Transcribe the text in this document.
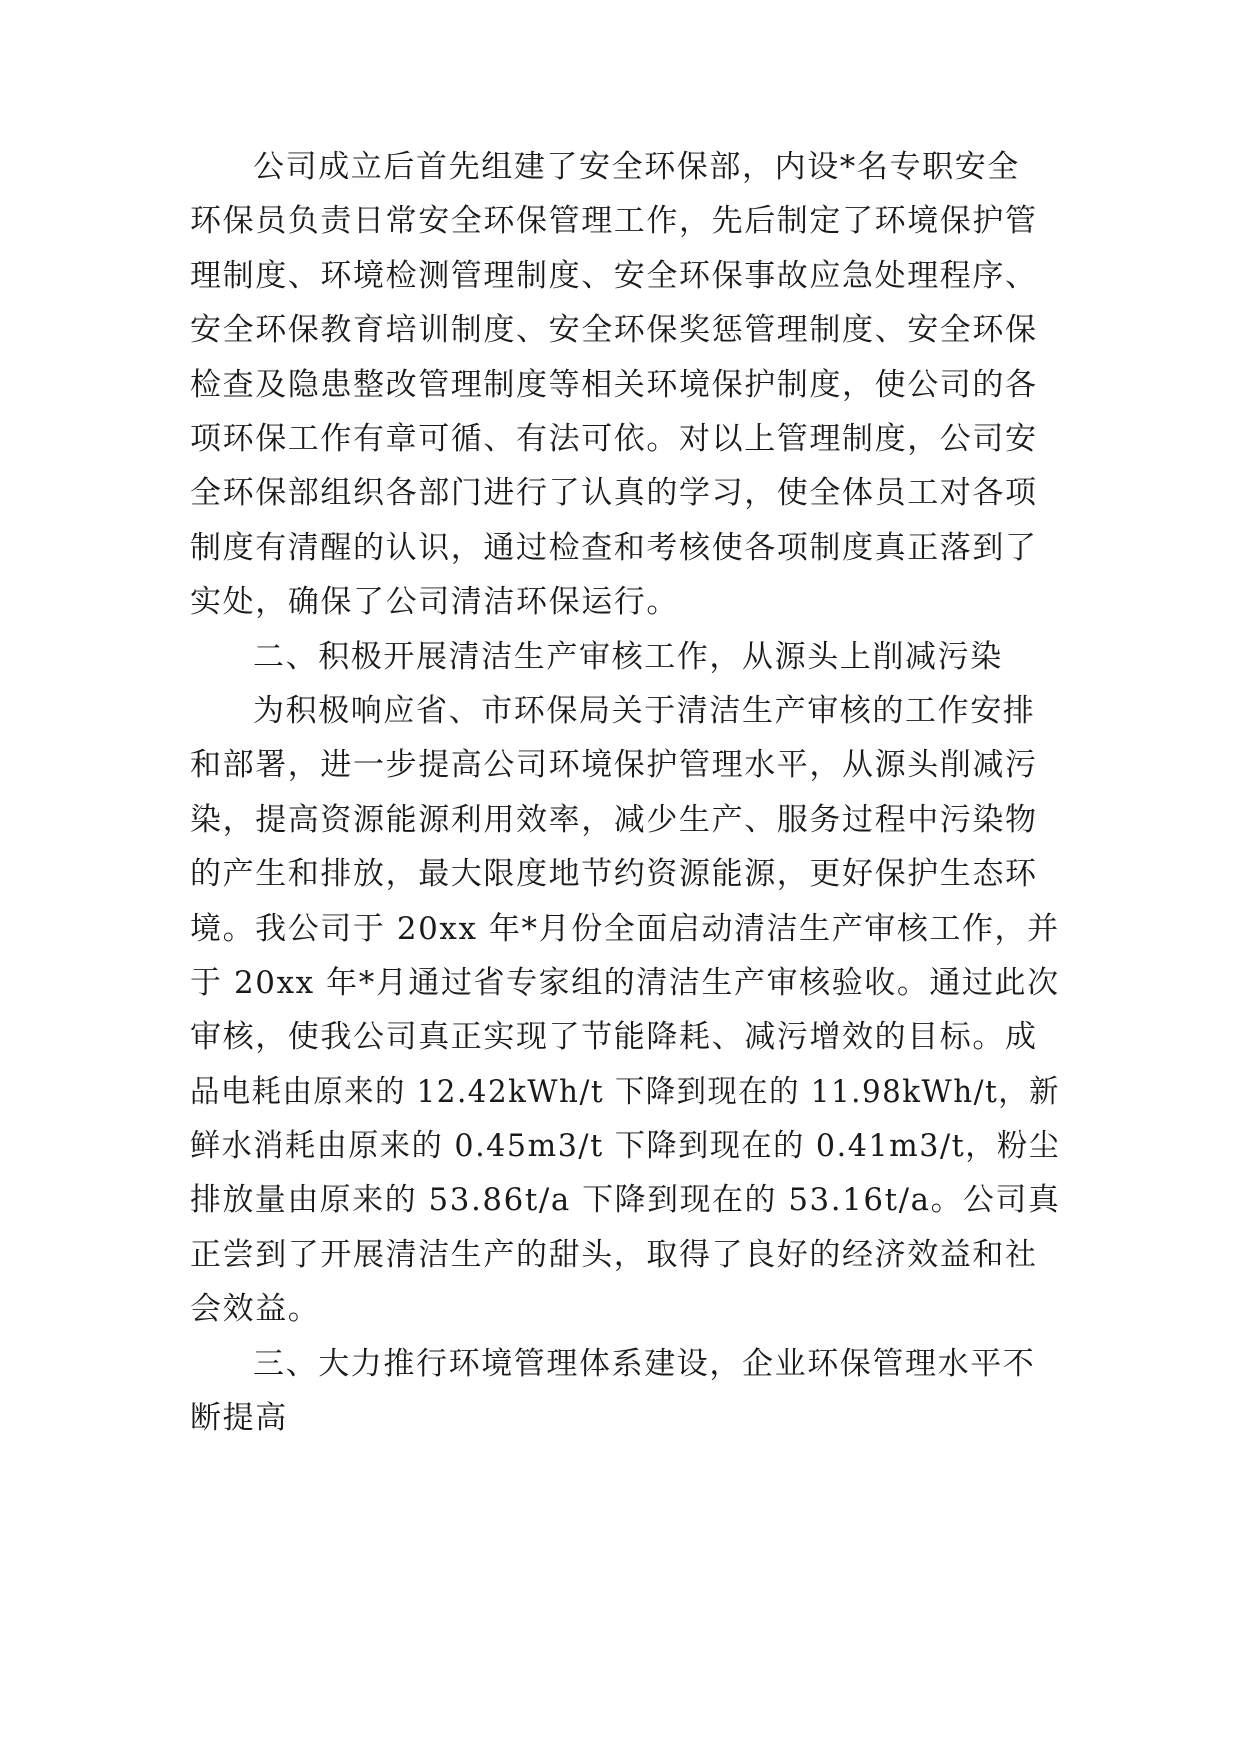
公司成立后首先组建了安全环保部，内设*名专职安全
环保员负责日常安全环保管理工作，先后制定了环境保护管
理制度、环境检测管理制度、安全环保事故应急处理程序、
安全环保教育培训制度、安全环保奖惩管理制度、安全环保
检查及隐患整改管理制度等相关环境保护制度，使公司的各
项环保工作有章可循、有法可依。对以上管理制度，公司安
全环保部组织各部门进行了认真的学习，使全体员工对各项
制度有清醒的认识，通过检查和考核使各项制度真正落到了
实处，确保了公司清洁环保运行。
二、积极开展清洁生产审核工作，从源头上削减污染
为积极响应省、市环保局关于清洁生产审核的工作安排
和部署，进一步提高公司环境保护管理水平，从源头削减污
染，提高资源能源利用效率，减少生产、服务过程中污染物
的产生和排放，最大限度地节约资源能源，更好保护生态环
境。我公司于 20xx 年*月份全面启动清洁生产审核工作，并
于 20xx 年*月通过省专家组的清洁生产审核验收。通过此次
审核，使我公司真正实现了节能降耗、减污增效的目标。成
品电耗由原来的 12.42kWh/t 下降到现在的 11.98kWh/t，新
鲜水消耗由原来的 0.45m3/t 下降到现在的 0.41m3/t，粉尘
排放量由原来的 53.86t/a 下降到现在的 53.16t/a。公司真
正尝到了开展清洁生产的甜头，取得了良好的经济效益和社
会效益。
三、大力推行环境管理体系建设，企业环保管理水平不
断提高
